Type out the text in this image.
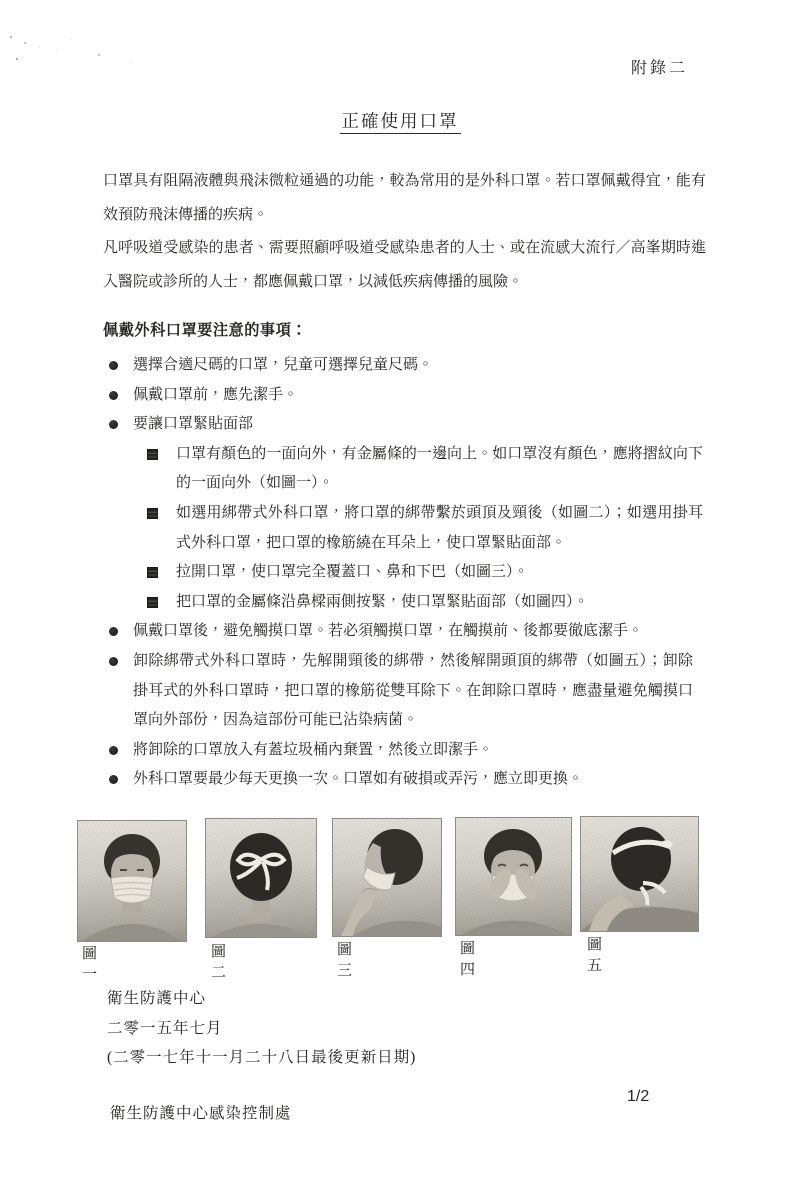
附錄二
正確使用口罩

口罩具有阻隔液體與飛沫微粒通過的功能，較為常用的是外科口罩。若口罩佩戴得宜，能有效預防飛沫傳播的疾病。

凡呼吸道受感染的患者、需要照顧呼吸道受感染患者的人士、或在流感大流行／高峯期時進入醫院或診所的人士，都應佩戴口罩，以減低疾病傳播的風險。

佩戴外科口罩要注意的事項：
選擇合適尺碼的口罩，兒童可選擇兒童尺碼。
佩戴口罩前，應先潔手。
要讓口罩緊貼面部
口罩有顏色的一面向外，有金屬條的一邊向上。如口罩沒有顏色，應將摺紋向下的一面向外（如圖一）。
如選用綁帶式外科口罩，將口罩的綁帶繫於頭頂及頸後（如圖二）；如選用掛耳式外科口罩，把口罩的橡筋繞在耳朵上，使口罩緊貼面部。
拉開口罩，使口罩完全覆蓋口、鼻和下巴（如圖三）。
把口罩的金屬條沿鼻樑兩側按緊，使口罩緊貼面部（如圖四）。
佩戴口罩後，避免觸摸口罩。若必須觸摸口罩，在觸摸前、後都要徹底潔手。
卸除綁帶式外科口罩時，先解開頸後的綁帶，然後解開頭頂的綁帶（如圖五）；卸除掛耳式的外科口罩時，把口罩的橡筋從雙耳除下。在卸除口罩時，應盡量避免觸摸口罩向外部份，因為這部份可能已沾染病菌。
將卸除的口罩放入有蓋垃圾桶內棄置，然後立即潔手。
外科口罩要最少每天更換一次。口罩如有破損或弄污，應立即更換。
圖一
圖二
圖三
圖四
圖五

衛生防護中心

二零一五年七月

(二零一七年十一月二十八日最後更新日期)

衛生防護中心感染控制處
1/2
